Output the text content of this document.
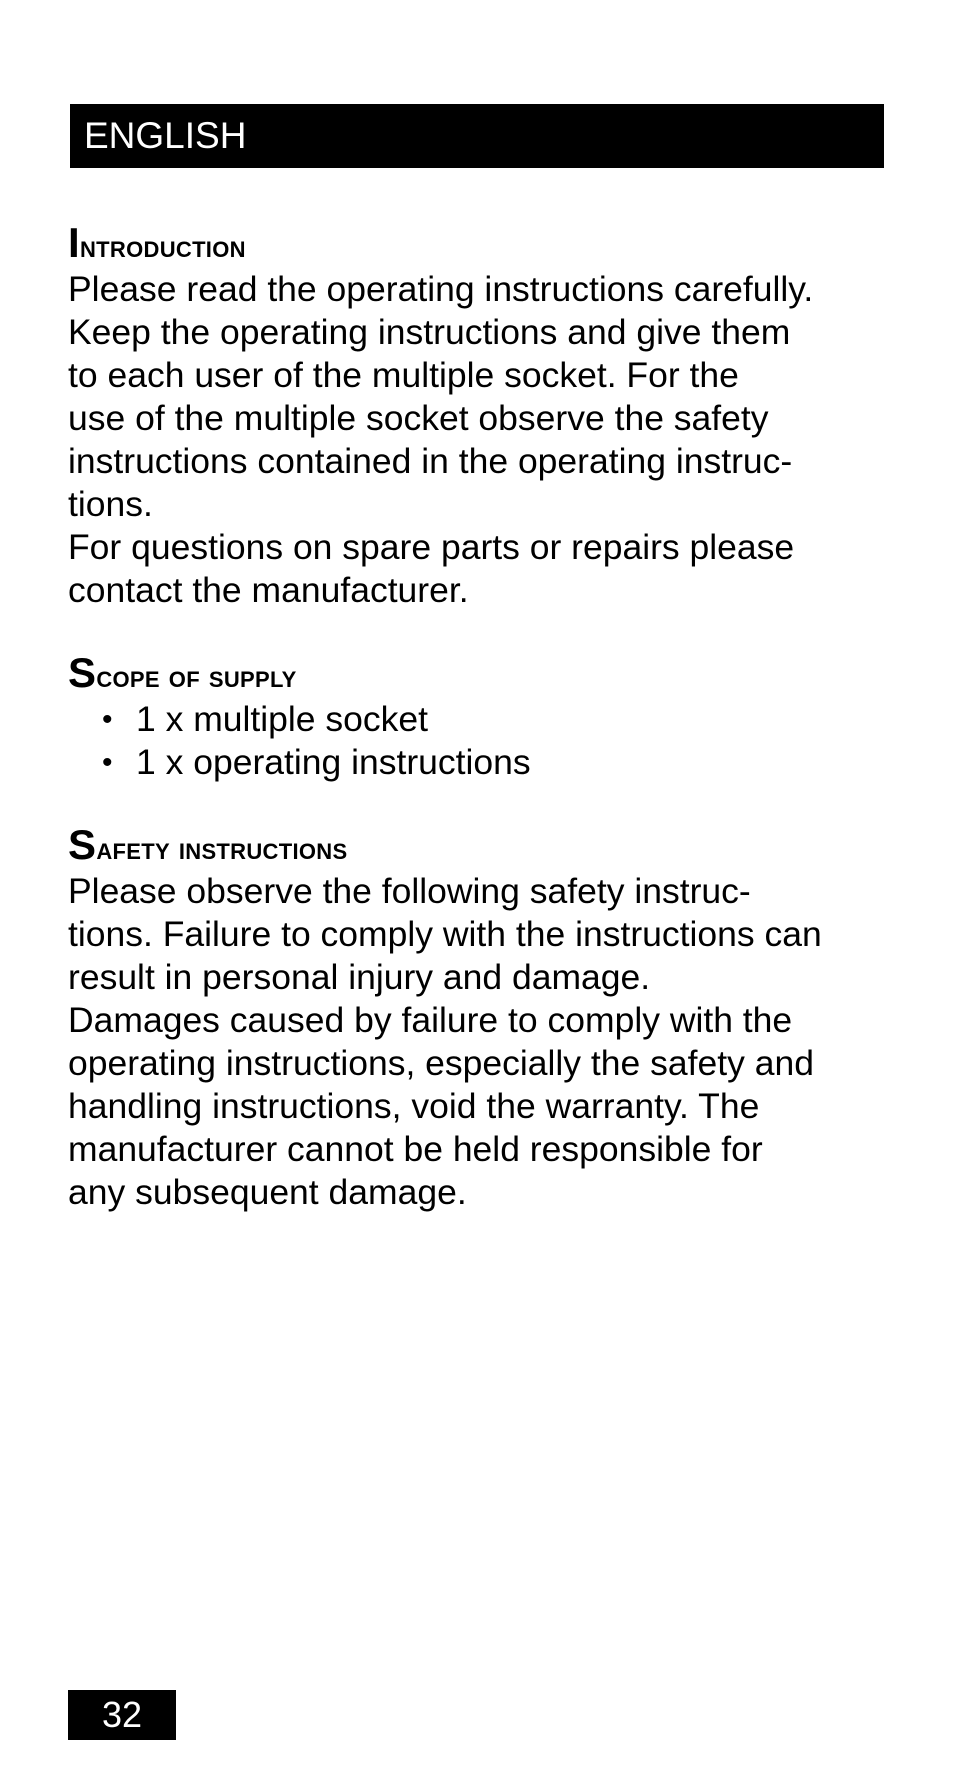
ENGLISH
Introduction

Please read the operating instructions carefully.
Keep the operating instructions and give them
to each user of the multiple socket. For the
use of the multiple socket observe the safety
instructions contained in the operating instruc-
tions.

For questions on spare parts or repairs please
contact the manufacturer.

Scope of supply
• 1 x multiple socket
• 1 x operating instructions
Safety instructions

Please observe the following safety instruc-
tions. Failure to comply with the instructions can
result in personal injury and damage.

Damages caused by failure to comply with the
operating instructions, especially the safety and
handling instructions, void the warranty. The
manufacturer cannot be held responsible for
any subsequent damage.

32
